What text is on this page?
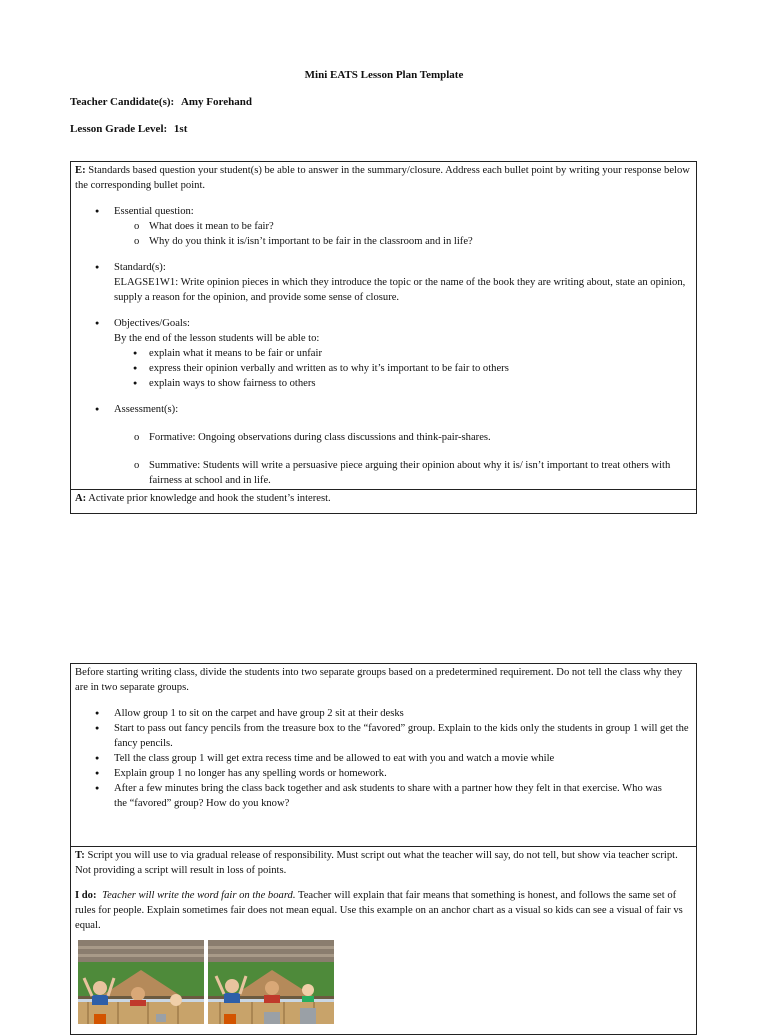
Mini EATS Lesson Plan Template
Teacher Candidate(s): Amy Forehand
Lesson Grade Level: 1st
E: Standards based question your student(s) be able to answer in the summary/closure. Address each bullet point by writing your response below the corresponding bullet point.
● Essential question:
o What does it mean to be fair?
o Why do you think it is/isn’t important to be fair in the classroom and in life?
● Standard(s):
ELAGSE1W1: Write opinion pieces in which they introduce the topic or the name of the book they are writing about, state an opinion, supply a reason for the opinion, and provide some sense of closure.
● Objectives/Goals:
By the end of the lesson students will be able to:
● explain what it means to be fair or unfair
● express their opinion verbally and written as to why it’s important to be fair to others
● explain ways to show fairness to others
● Assessment(s):
o Formative: Ongoing observations during class discussions and think-pair-shares.
o Summative: Students will write a persuasive piece arguing their opinion about why it is/ isn’t important to treat others with fairness at school and in life.
A: Activate prior knowledge and hook the student’s interest.
Before starting writing class, divide the students into two separate groups based on a predetermined requirement. Do not tell the class why they are in two separate groups.
● Allow group 1 to sit on the carpet and have group 2 sit at their desks
● Start to pass out fancy pencils from the treasure box to the “favored” group. Explain to the kids only the students in group 1 will get the fancy pencils.
● Tell the class group 1 will get extra recess time and be allowed to eat with you and watch a movie while
● Explain group 1 no longer has any spelling words or homework.
● After a few minutes bring the class back together and ask students to share with a partner how they felt in that exercise. Who was the “favored” group? How do you know?
T: Script you will use to via gradual release of responsibility. Must script out what the teacher will say, do not tell, but show via teacher script. Not providing a script will result in loss of points.
I do: Teacher will write the word fair on the board. Teacher will explain that fair means that something is honest, and follows the same set of rules for people. Explain sometimes fair does not mean equal. Use this example on an anchor chart as a visual so kids can see a visual of fair vs equal.
